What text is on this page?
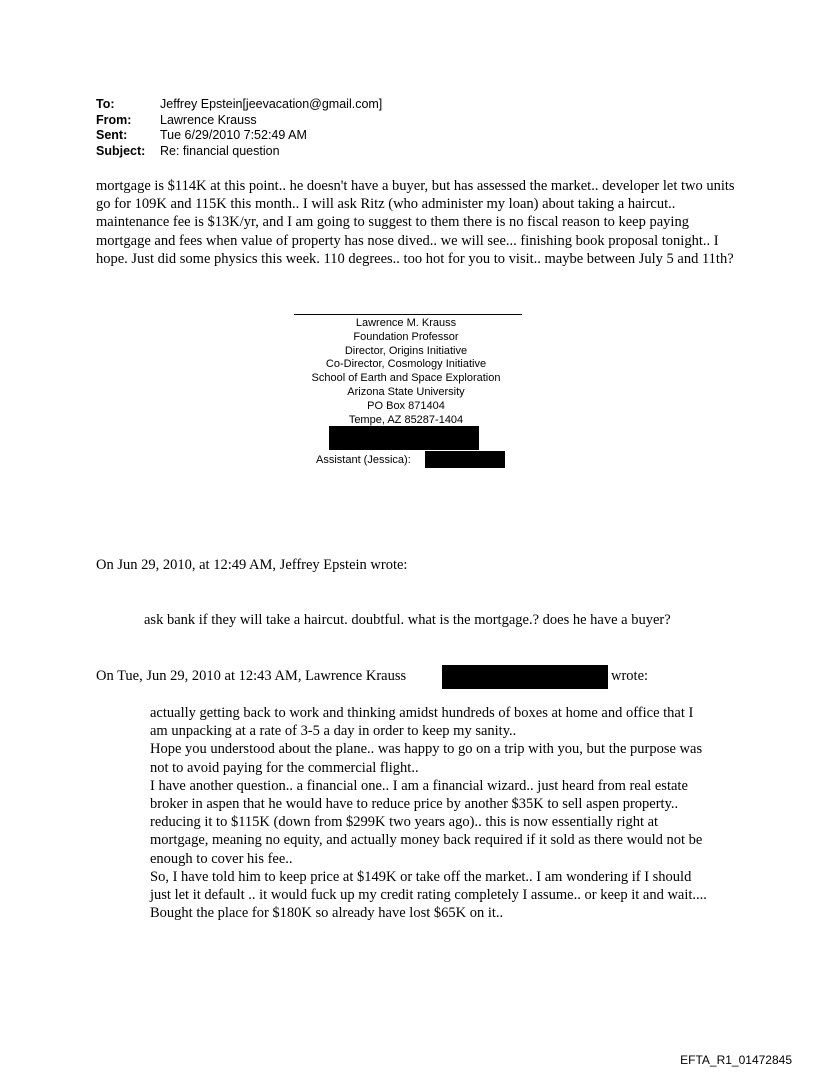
To:	Jeffrey Epstein[jeevacation@gmail.com]
From:	Lawrence Krauss
Sent:	Tue 6/29/2010 7:52:49 AM
Subject:	Re: financial question

mortgage is $114K at this point.. he doesn't have a buyer, but has assessed the market.. developer let two units go for 109K and 115K this month.. I will ask Ritz (who administer my loan) about taking a haircut.. maintenance fee is $13K/yr, and I am going to suggest to them there is no fiscal reason to keep paying mortgage and fees when value of property has nose dived.. we will see... finishing book proposal tonight.. I hope. Just did some physics this week. 110 degrees.. too hot for you to visit.. maybe between July 5 and 11th?

Lawrence M. Krauss
Foundation Professor
Director, Origins Initiative
Co-Director, Cosmology Initiative
School of Earth and Space Exploration
Arizona State University
PO Box 871404
Tempe, AZ 85287-1404
Assistant (Jessica):
On Jun 29, 2010, at 12:49 AM, Jeffrey Epstein wrote:
ask bank if they will take a haircut. doubtful. what is the mortgage.? does he have a buyer?
On Tue, Jun 29, 2010 at 12:43 AM, Lawrence Krauss	wrote:
actually getting back to work and thinking amidst hundreds of boxes at home and office that I am unpacking at a rate of 3-5 a day in order to keep my sanity..
Hope you understood about the plane.. was happy to go on a trip with you, but the purpose was not to avoid paying for the commercial flight..
I have another question.. a financial one.. I am a financial wizard.. just heard from real estate broker in aspen that he would have to reduce price by another $35K to sell aspen property.. reducing it to $115K (down from $299K two years ago).. this is now essentially right at mortgage, meaning no equity, and actually money back required if it sold as there would not be enough to cover his fee..
So, I have told him to keep price at $149K or take off the market.. I am wondering if I should just let it default .. it would fuck up my credit rating completely I assume.. or keep it and wait.... Bought the place for $180K so already have lost $65K on it..
EFTA_R1_01472845
